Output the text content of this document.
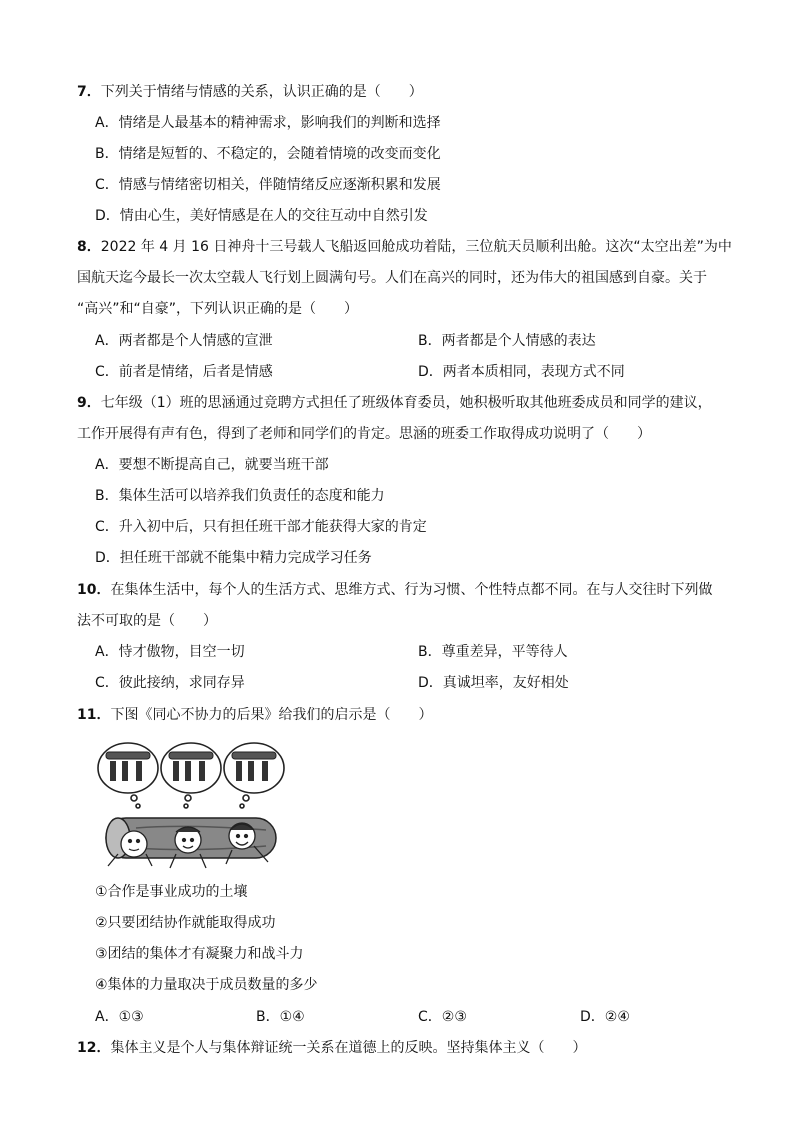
7．下列关于情绪与情感的关系，认识正确的是（　　）
A．情绪是人最基本的精神需求，影响我们的判断和选择
B．情绪是短暂的、不稳定的，会随着情境的改变而变化
C．情感与情绪密切相关，伴随情绪反应逐渐积累和发展
D．情由心生，美好情感是在人的交往互动中自然引发
8．2022 年 4 月 16 日神舟十三号载人飞船返回舱成功着陆，三位航天员顺利出舱。这次“太空出差”为中
国航天迄今最长一次太空载人飞行划上圆满句号。人们在高兴的同时，还为伟大的祖国感到自豪。关于
“高兴”和“自豪”，下列认识正确的是（　　）
A．两者都是个人情感的宣泄	B．两者都是个人情感的表达
C．前者是情绪，后者是情感	D．两者本质相同，表现方式不同
9．七年级（1）班的思涵通过竞聘方式担任了班级体育委员，她积极听取其他班委成员和同学的建议，
工作开展得有声有色，得到了老师和同学们的肯定。思涵的班委工作取得成功说明了（　　）
A．要想不断提高自己，就要当班干部
B．集体生活可以培养我们负责任的态度和能力
C．升入初中后，只有担任班干部才能获得大家的肯定
D．担任班干部就不能集中精力完成学习任务
10．在集体生活中，每个人的生活方式、思维方式、行为习惯、个性特点都不同。在与人交往时下列做
法不可取的是（　　）
A．恃才傲物，目空一切	B．尊重差异，平等待人
C．彼此接纳，求同存异	D．真诚坦率，友好相处
11．下图《同心不协力的后果》给我们的启示是（　　）
①合作是事业成功的土壤
②只要团结协作就能取得成功
③团结的集体才有凝聚力和战斗力
④集体的力量取决于成员数量的多少
A．①③	B．①④	C．②③	D．②④
12．集体主义是个人与集体辩证统一关系在道德上的反映。坚持集体主义（　　）
